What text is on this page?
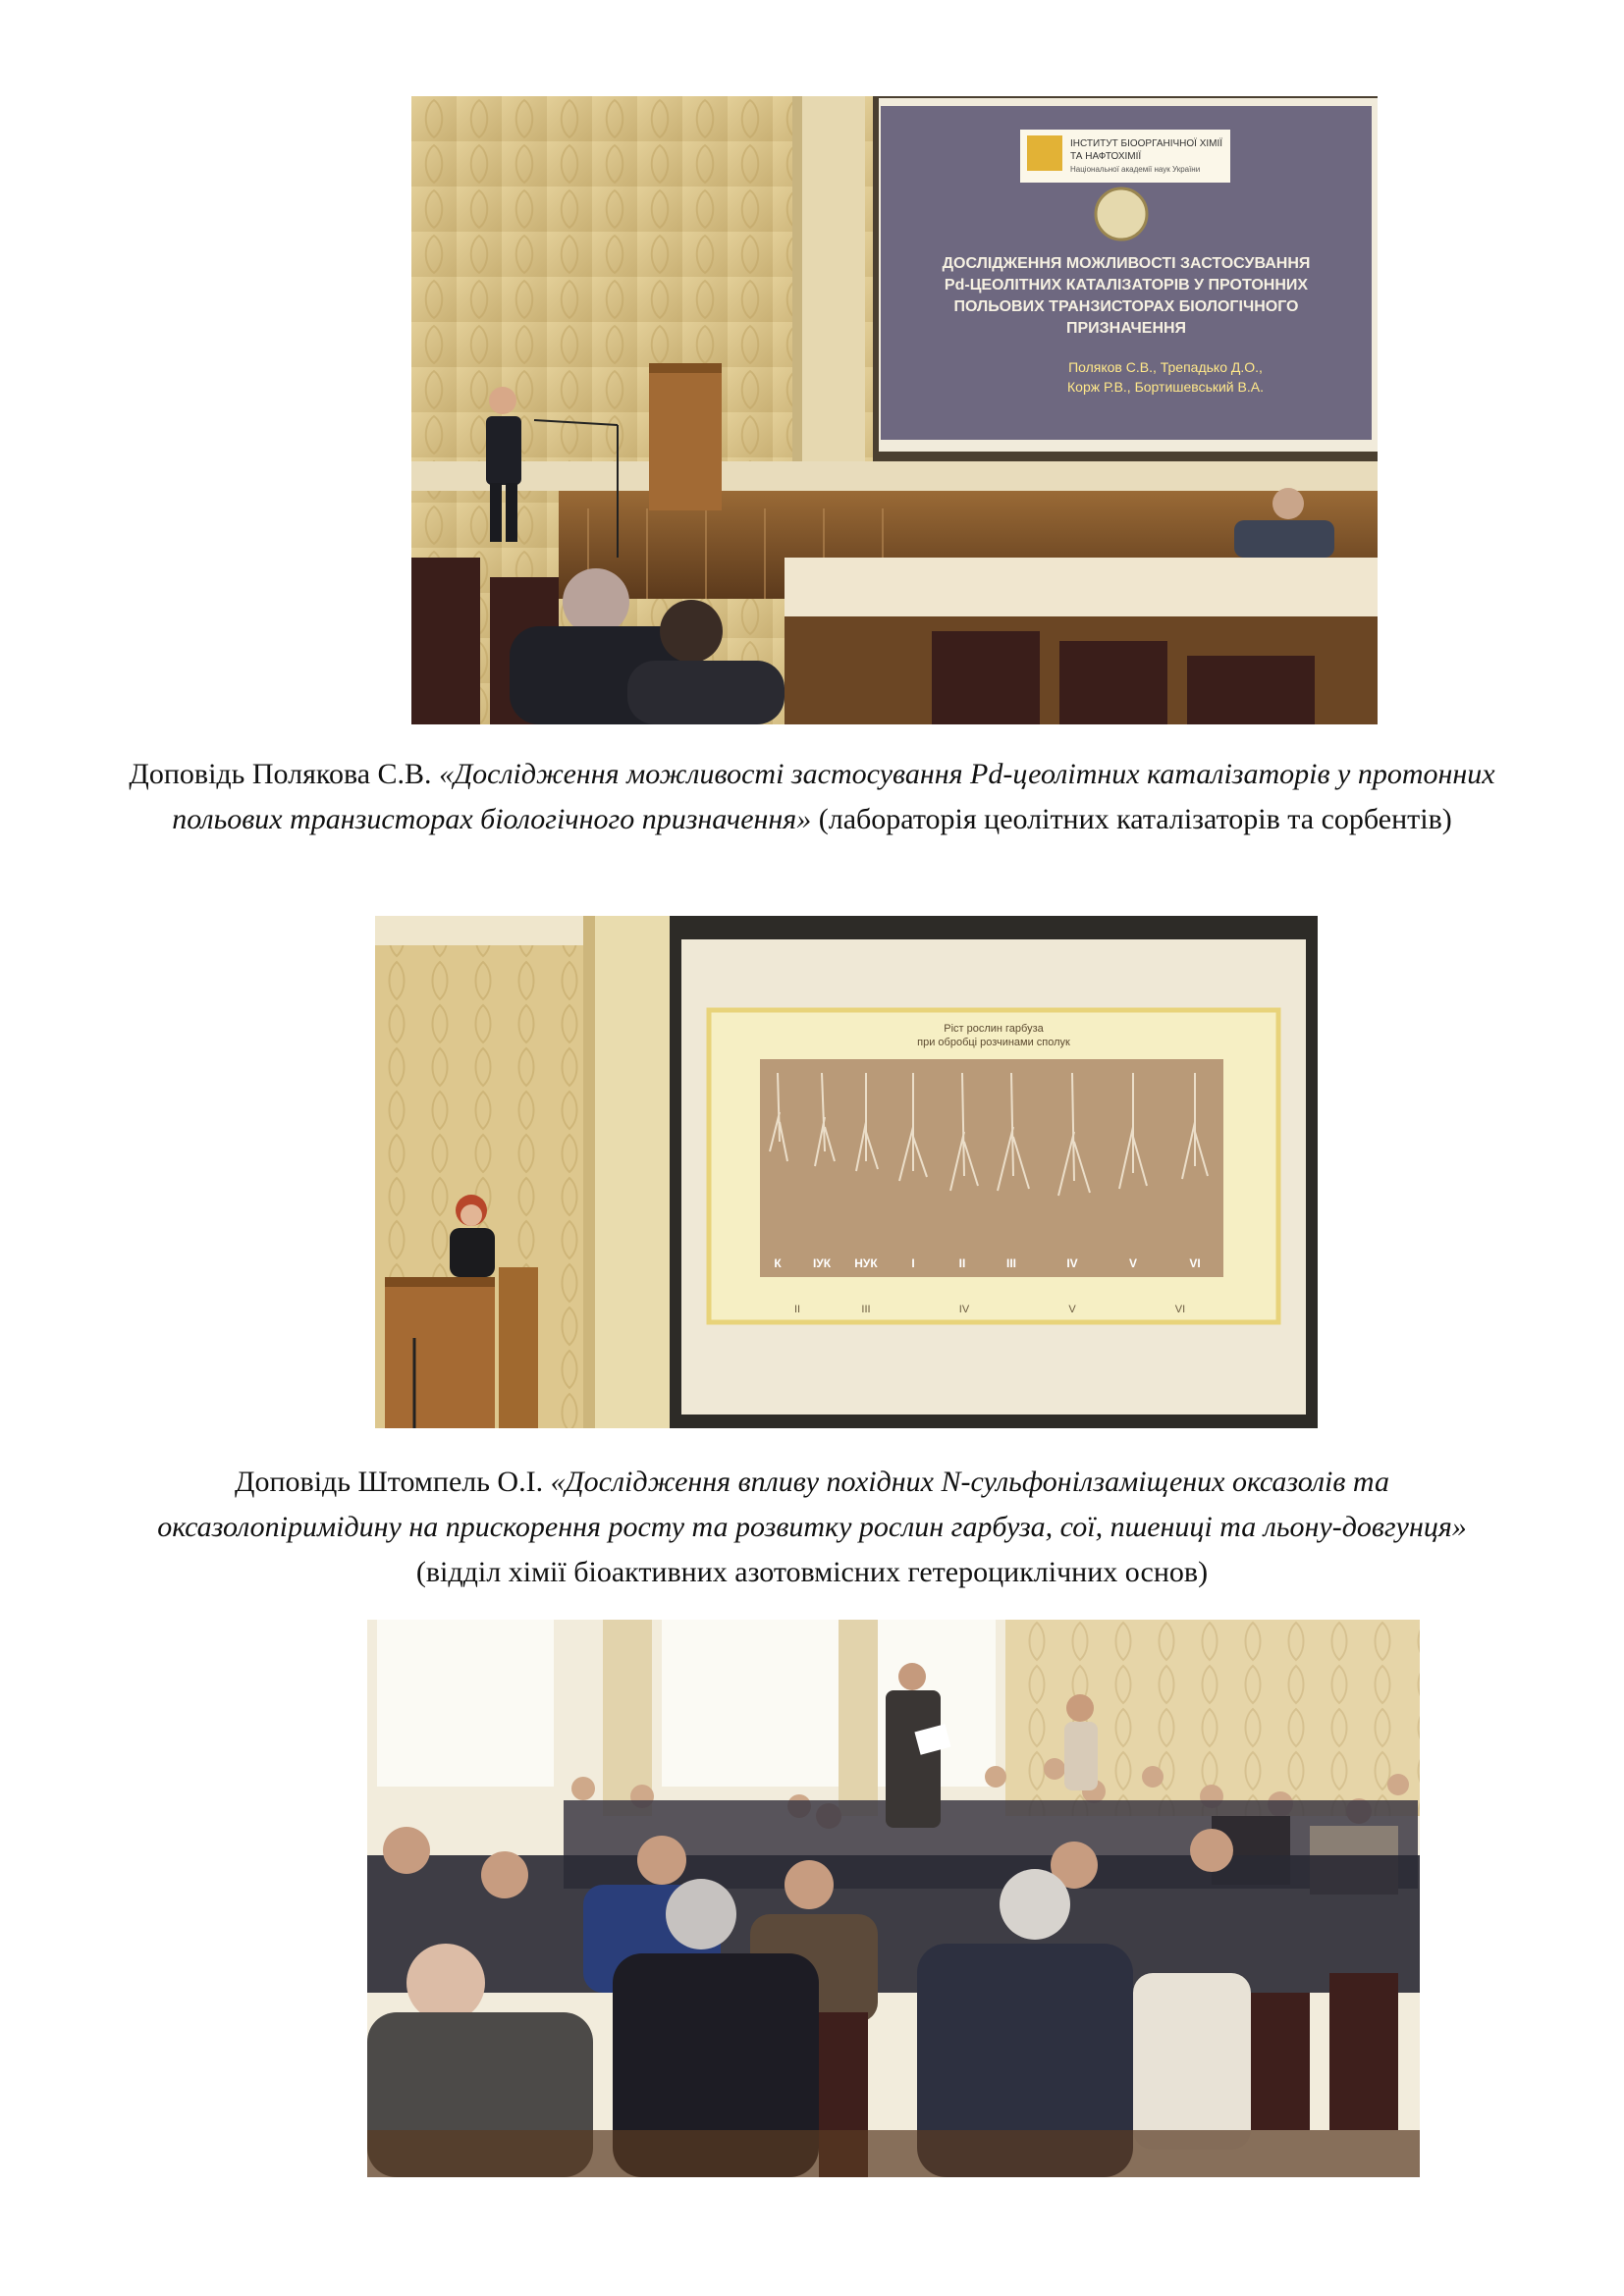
ІНСТИТУТ БІООРГАНІЧНОЇ ХІМІЇ
ТА НАФТОХІМІЇ
Національної академії наук України
ДОСЛІДЖЕННЯ МОЖЛИВОСТІ ЗАСТОСУВАННЯ
Pd-ЦЕОЛІТНИХ КАТАЛІЗАТОРІВ У ПРОТОННИХ
ПОЛЬОВИХ ТРАНЗИСТОРАХ БІОЛОГІЧНОГО
ПРИЗНАЧЕННЯ
Поляков С.В., Трепадько Д.О.,
Корж Р.В., Бортишевський В.А.
Доповідь Полякова С.В. «Дослідження можливості застосування Pd-цеолітних каталізаторів у протонних польових транзисторах біологічного призначення» (лабораторія цеолітних каталізаторів та сорбентів)
Ріст рослин гарбуза
при обробці розчинами сполук
К	ІУК НУК	I	II	III	IV	V	VI
II	III	IV	V	VI
Доповідь Штомпель О.І. «Дослідження впливу похідних N-сульфонілзаміщених оксазолів та оксазолопіримідину на прискорення росту та розвитку рослин гарбуза, сої, пшениці та льону-довгунця» (відділ хімії біоактивних азотовмісних гетероциклічних основ)
